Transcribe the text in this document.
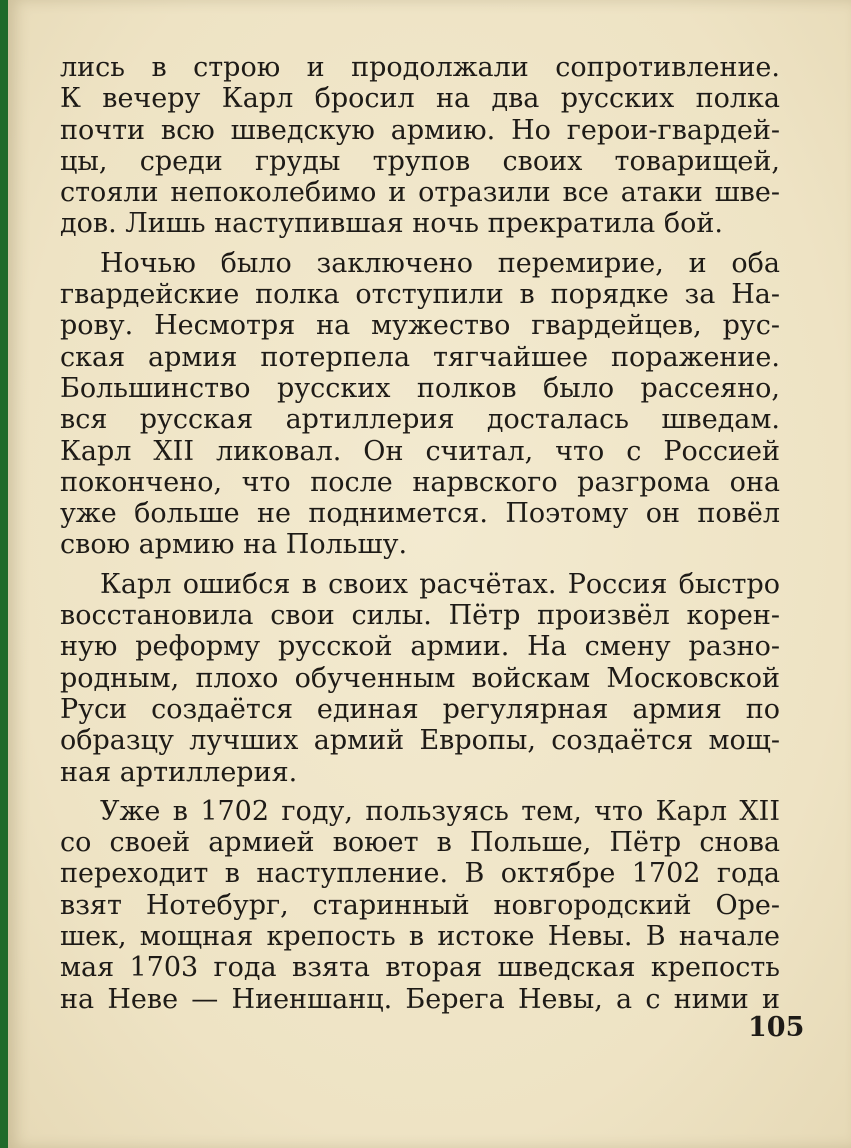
лись в строю и продолжали сопротивление.
К вечеру Карл бросил на два русских полка
почти всю шведскую армию. Но герои-гвардей-
цы, среди груды трупов своих товарищей,
стояли непоколебимо и отразили все атаки шве-
дов. Лишь наступившая ночь прекратила бой.
Ночью было заключено перемирие, и оба
гвардейские полка отступили в порядке за На-
рову. Несмотря на мужество гвардейцев, рус-
ская армия потерпела тягчайшее поражение.
Большинство русских полков было рассеяно,
вся русская артиллерия досталась шведам.
Карл XII ликовал. Он считал, что с Россией
покончено, что после нарвского разгрома она
уже больше не поднимется. Поэтому он повёл
свою армию на Польшу.
Карл ошибся в своих расчётах. Россия быстро
восстановила свои силы. Пётр произвёл корен-
ную реформу русской армии. На смену разно-
родным, плохо обученным войскам Московской
Руси создаётся единая регулярная армия по
образцу лучших армий Европы, создаётся мощ-
ная артиллерия.
Уже в 1702 году, пользуясь тем, что Карл XII
со своей армией воюет в Польше, Пётр снова
переходит в наступление. В октябре 1702 года
взят Нотебург, старинный новгородский Оре-
шек, мощная крепость в истоке Невы. В начале
мая 1703 года взята вторая шведская крепость
на Неве — Ниеншанц. Берега Невы, а с ними и
105
